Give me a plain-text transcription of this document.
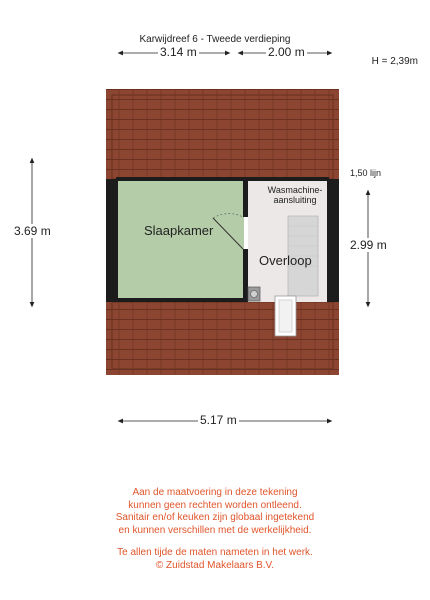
Karwijdreef 6 - Tweede verdieping
H = 2,39m
3.14 m	2.00 m
3.69 m
2.99 m
5.17 m
1,50 lijn
Slaapkamer
Overloop
Wasmachine-
aansluiting
Aan de maatvoering in deze tekening
kunnen geen rechten worden ontleend.
Sanitair en/of keuken zijn globaal ingetekend
en kunnen verschillen met de werkelijkheid.
Te allen tijde de maten nameten in het werk.
© Zuidstad Makelaars B.V.
